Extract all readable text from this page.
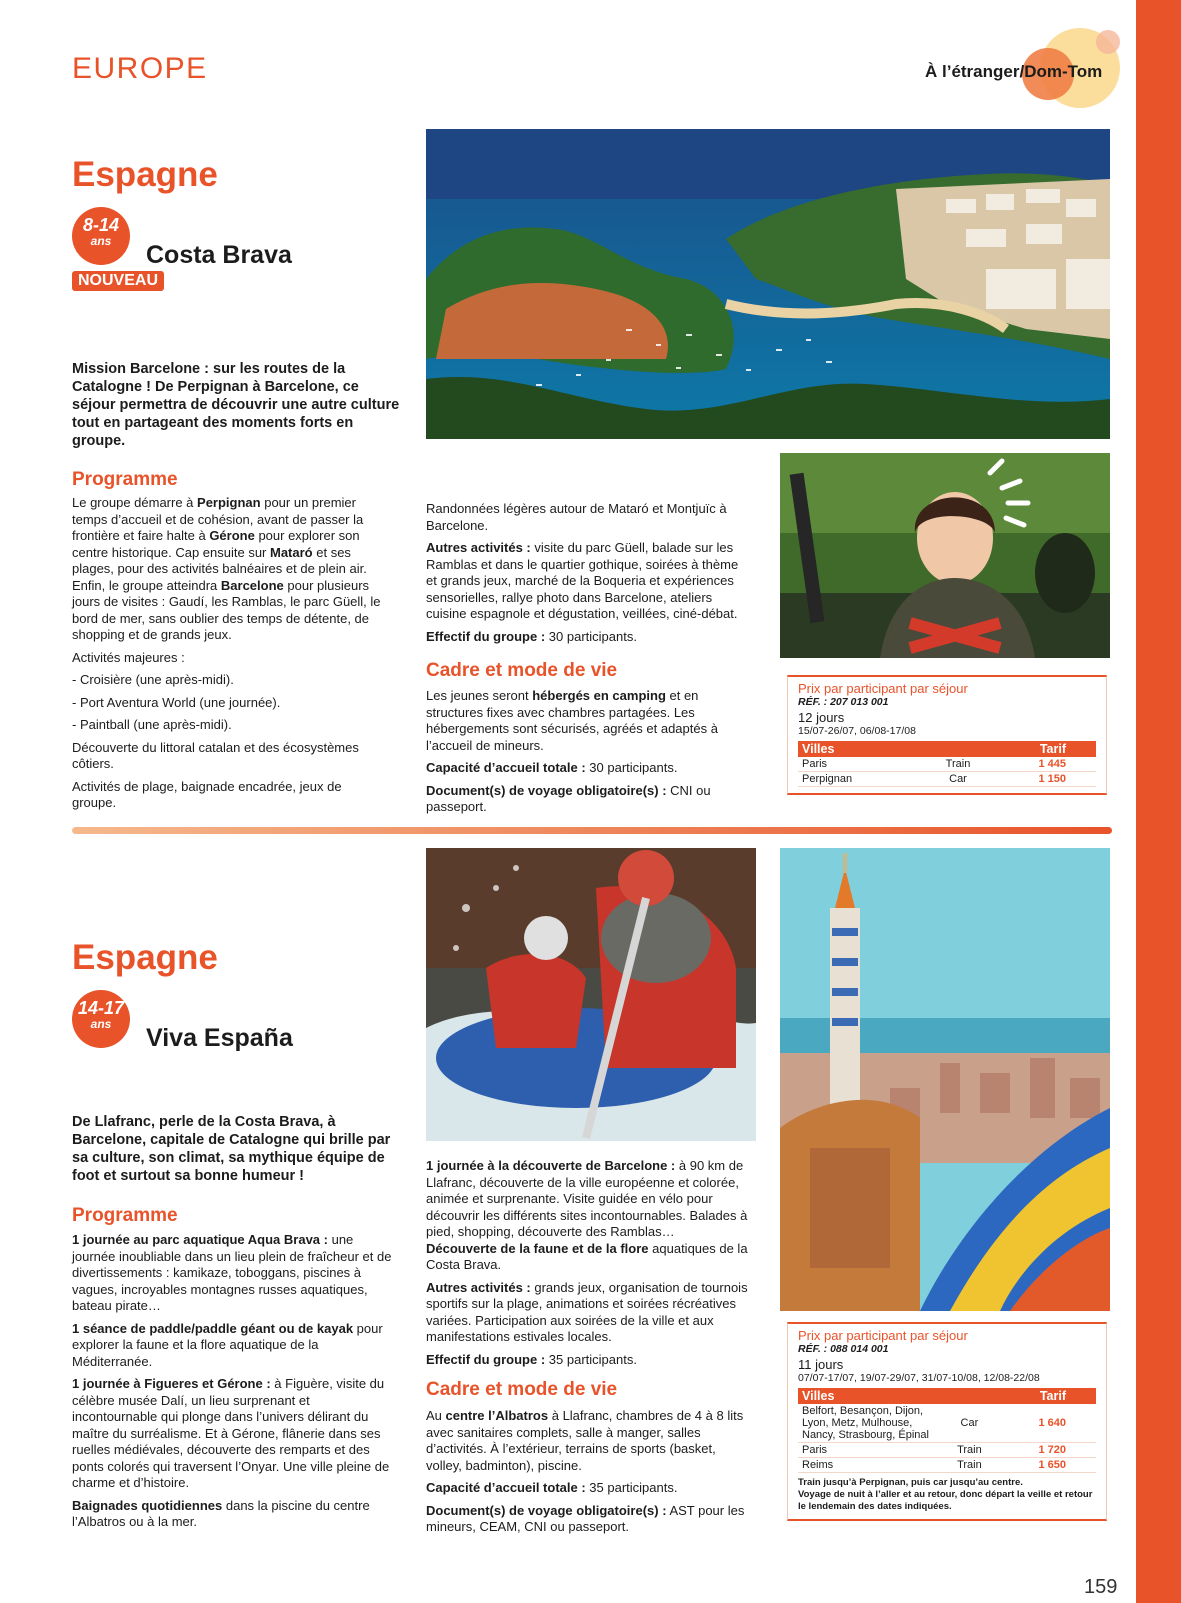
EUROPE	À l’étranger/Dom-Tom
Espagne
8-14
ans
NOUVEAU
Costa Brava
Mission Barcelone : sur les routes de la Catalogne ! De Perpignan à Barcelone, ce séjour permettra de découvrir une autre culture tout en partageant des moments forts en groupe.
Programme

Le groupe démarre à Perpignan pour un premier temps d’accueil et de cohésion, avant de passer la frontière et faire halte à Gérone pour explorer son centre historique. Cap ensuite sur Mataró et ses plages, pour des activités balnéaires et de plein air. Enfin, le groupe atteindra Barcelone pour plusieurs jours de visites : Gaudí, les Ramblas, le parc Güell, le bord de mer, sans oublier des temps de détente, de shopping et de grands jeux.

Activités majeures :

- Croisière (une après-midi).

- Port Aventura World (une journée).

- Paintball (une après-midi).

Découverte du littoral catalan et des écosystèmes côtiers.

Activités de plage, baignade encadrée, jeux de groupe.

Randonnées légères autour de Mataró et Montjuïc à Barcelone.

Autres activités : visite du parc Güell, balade sur les Ramblas et dans le quartier gothique, soirées à thème et grands jeux, marché de la Boqueria et expériences sensorielles, rallye photo dans Barcelone, ateliers cuisine espagnole et dégustation, veillées, ciné-débat.

Effectif du groupe : 30 participants.

Cadre et mode de vie

Les jeunes seront hébergés en camping et en structures fixes avec chambres partagées. Les hébergements sont sécurisés, agréés et adaptés à l’accueil de mineurs.

Capacité d’accueil totale : 30 participants.

Document(s) de voyage obligatoire(s) : CNI ou passeport.

Prix par participant par séjour
RÉF. : 207 013 001
12 jours
15/07-26/07, 06/08-17/08
Villes		Tarif
Paris	Train	1 445
Perpignan	Car	1 150
Espagne
14-17
ans	Viva España
De Llafranc, perle de la Costa Brava, à Barcelone, capitale de Catalogne qui brille par sa culture, son climat, sa mythique équipe de foot et surtout sa bonne humeur !
Programme

1 journée au parc aquatique Aqua Brava : une journée inoubliable dans un lieu plein de fraîcheur et de divertissements : kamikaze, toboggans, piscines à vagues, incroyables montagnes russes aquatiques, bateau pirate…

1 séance de paddle/paddle géant ou de kayak pour explorer la faune et la flore aquatique de la Méditerranée.

1 journée à Figueres et Gérone : à Figuère, visite du célèbre musée Dalí, un lieu surprenant et incontournable qui plonge dans l’univers délirant du maître du surréalisme. Et à Gérone, flânerie dans ses ruelles médiévales, découverte des remparts et des ponts colorés qui traversent l’Onyar. Une ville pleine de charme et d’histoire.

Baignades quotidiennes dans la piscine du centre l’Albatros ou à la mer.

1 journée à la découverte de Barcelone : à 90 km de Llafranc, découverte de la ville européenne et colorée, animée et surprenante. Visite guidée en vélo pour découvrir les différents sites incontournables. Balades à pied, shopping, découverte des Ramblas…

Découverte de la faune et de la flore aquatiques de la Costa Brava.

Autres activités : grands jeux, organisation de tournois sportifs sur la plage, animations et soirées récréatives variées. Participation aux soirées de la ville et aux manifestations estivales locales.

Effectif du groupe : 35 participants.

Cadre et mode de vie

Au centre l’Albatros à Llafranc, chambres de 4 à 8 lits avec sanitaires complets, salle à manger, salles d’activités. À l’extérieur, terrains de sports (basket, volley, badminton), piscine.

Capacité d’accueil totale : 35 participants.

Document(s) de voyage obligatoire(s) : AST pour les mineurs, CEAM, CNI ou passeport.

Prix par participant par séjour
RÉF. : 088 014 001
11 jours
07/07-17/07, 19/07-29/07, 31/07-10/08, 12/08-22/08
Villes		Tarif
Belfort, Besançon, Dijon, Lyon, Metz, Mulhouse, Nancy, Strasbourg, Épinal	Car	1 640
Paris	Train	1 720
Reims	Train	1 650
Train jusqu’à Perpignan, puis car jusqu’au centre.
Voyage de nuit à l’aller et au retour, donc départ la veille et retour le lendemain des dates indiquées.
159
